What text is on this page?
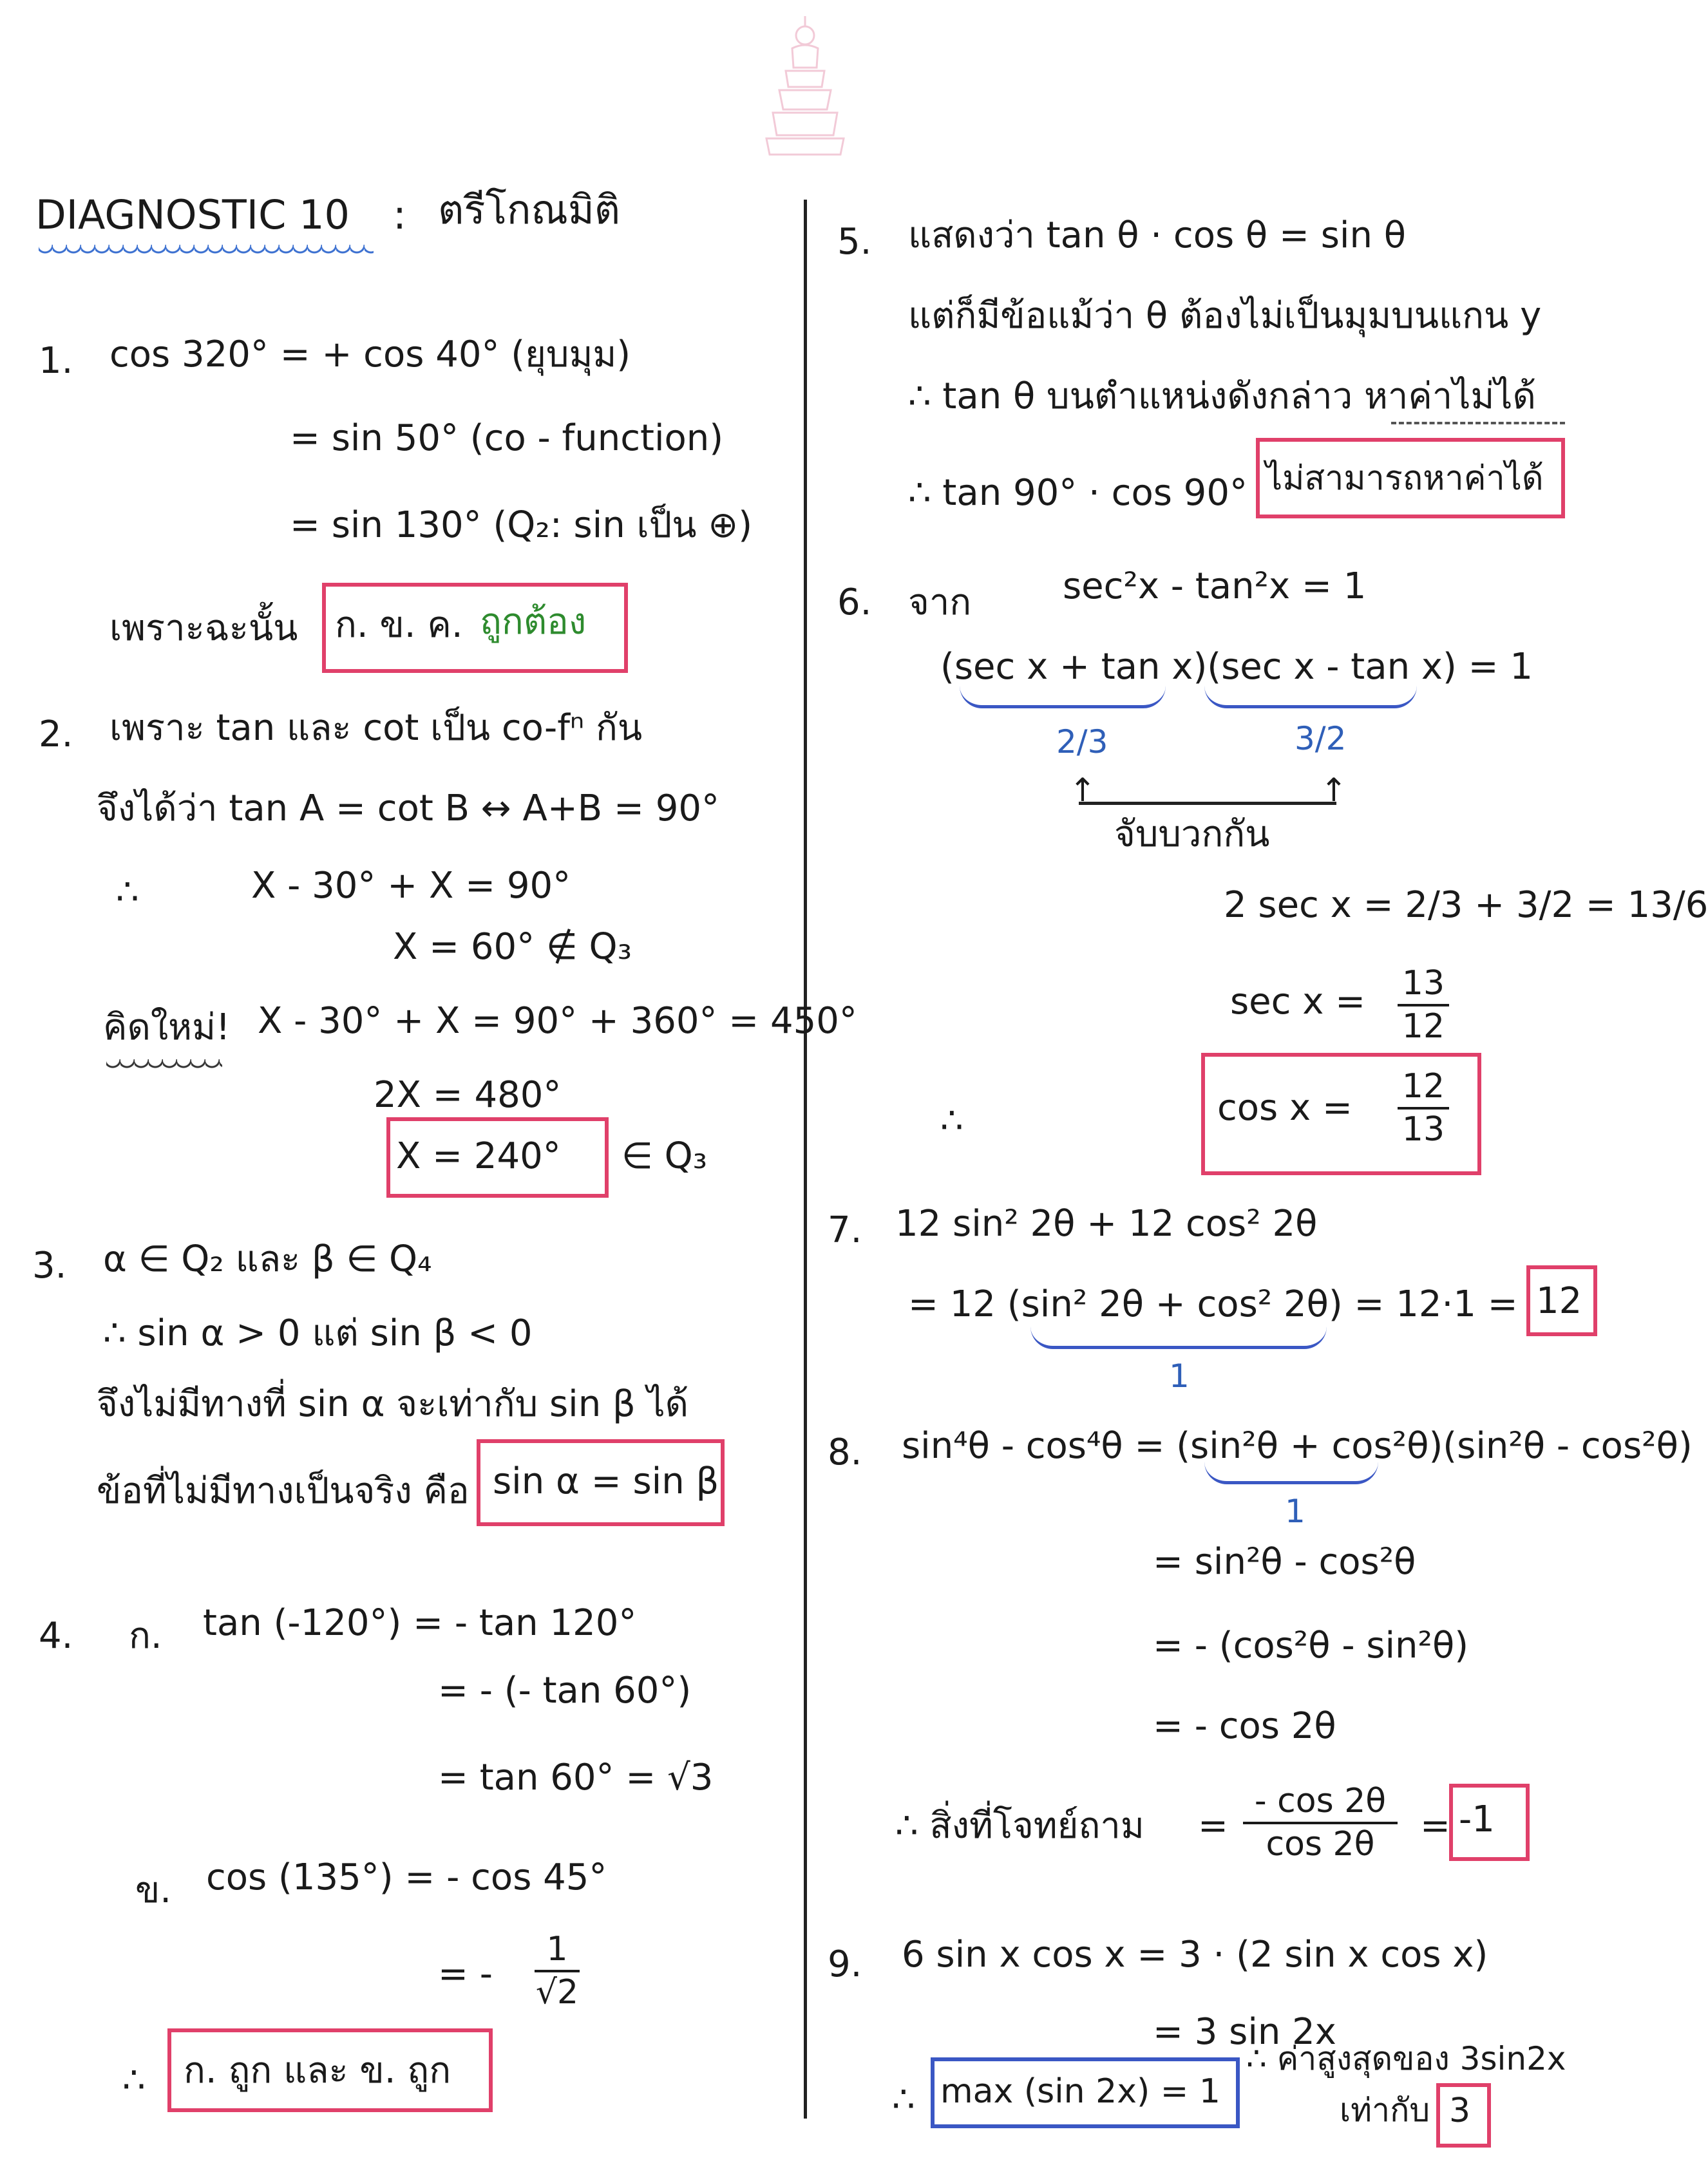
DIAGNOSTIC 10 : ตรีโกณมิติ
1. cos 320° = + cos 40° (ยุบมุม)
= sin 50° (co - function)
= sin 130° (Q₂: sin เป็น ⊕)
เพราะฉะนั้น ก. ข. ค. ถูกต้อง
2. เพราะ tan และ cot เป็น co-fⁿ กัน
จึงได้ว่า tan A = cot B ↔ A+B = 90°
∴	X - 30° + X = 90°
X = 60° ∉ Q₃
คิดใหม่! X - 30° + X = 90° + 360° = 450°
2X = 480°
X = 240° ∈ Q₃
3. α ∈ Q₂ และ β ∈ Q₄
∴ sin α > 0 แต่ sin β < 0
จึงไม่มีทางที่ sin α จะเท่ากับ sin β ได้
ข้อที่ไม่มีทางเป็นจริง คือ sin α = sin β
4. ก. tan (-120°) = - tan 120°
= - (- tan 60°)
= tan 60° = √3
ข. cos (135°) = - cos 45°
= -
1
√2
∴ ก. ถูก และ ข. ถูก
5. แสดงว่า tan θ · cos θ = sin θ
แต่ก็มีข้อแม้ว่า θ ต้องไม่เป็นมุมบนแกน y
∴ tan θ บนตำแหน่งดังกล่าว หาค่าไม่ได้
∴ tan 90° · cos 90° ไม่สามารถหาค่าได้
6. จาก	sec²x - tan²x = 1
(sec x + tan x)(sec x - tan x) = 1
2/3	3/2
↑	↑
จับบวกกัน
2 sec x = 2/3 + 3/2 = 13/6
sec x = 13
12
∴	cos x =
12
13
7. 12 sin² 2θ + 12 cos² 2θ
= 12 (sin² 2θ + cos² 2θ) = 12·1 = 12
1
8. sin⁴θ - cos⁴θ = (sin²θ + cos²θ)(sin²θ - cos²θ)
1
= sin²θ - cos²θ
= - (cos²θ - sin²θ)
= - cos 2θ
∴ สิ่งที่โจทย์ถาม =
- cos 2θ
cos 2θ = -1
9. 6 sin x cos x = 3 · (2 sin x cos x)
= 3 sin 2x
∴ max (sin 2x) = 1
∴ ค่าสูงสุดของ 3sin2x
เท่ากับ 3
